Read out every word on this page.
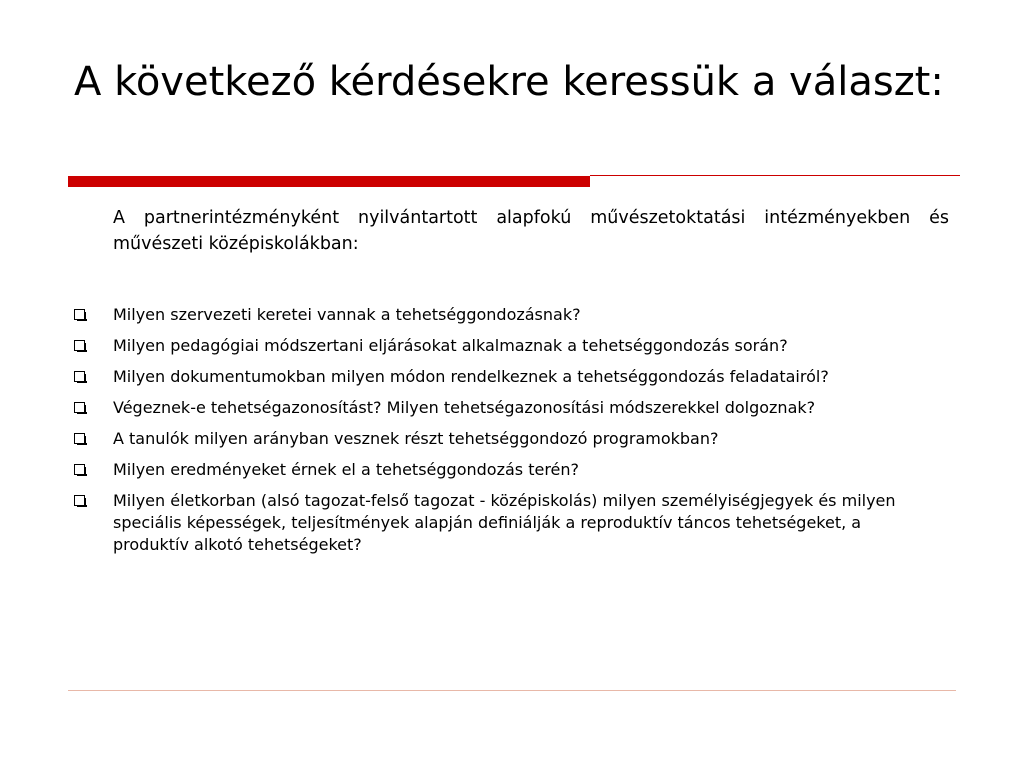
A következő kérdésekre keressük a választ:
A partnerintézményként nyilvántartott alapfokú művészetoktatási intézményekben és művészeti középiskolákban:
Milyen szervezeti keretei vannak a tehetséggondozásnak?
Milyen pedagógiai módszertani eljárásokat alkalmaznak a tehetséggondozás során?
Milyen dokumentumokban milyen módon rendelkeznek a tehetséggondozás feladatairól?
Végeznek-e tehetségazonosítást? Milyen tehetségazonosítási módszerekkel dolgoznak?
A tanulók milyen arányban vesznek részt tehetséggondozó programokban?
Milyen eredményeket érnek el a tehetséggondozás terén?
Milyen életkorban (alsó tagozat-felső tagozat - középiskolás) milyen személyiségjegyek és milyen speciális képességek, teljesítmények alapján definiálják a reproduktív táncos tehetségeket, a produktív alkotó tehetségeket?
